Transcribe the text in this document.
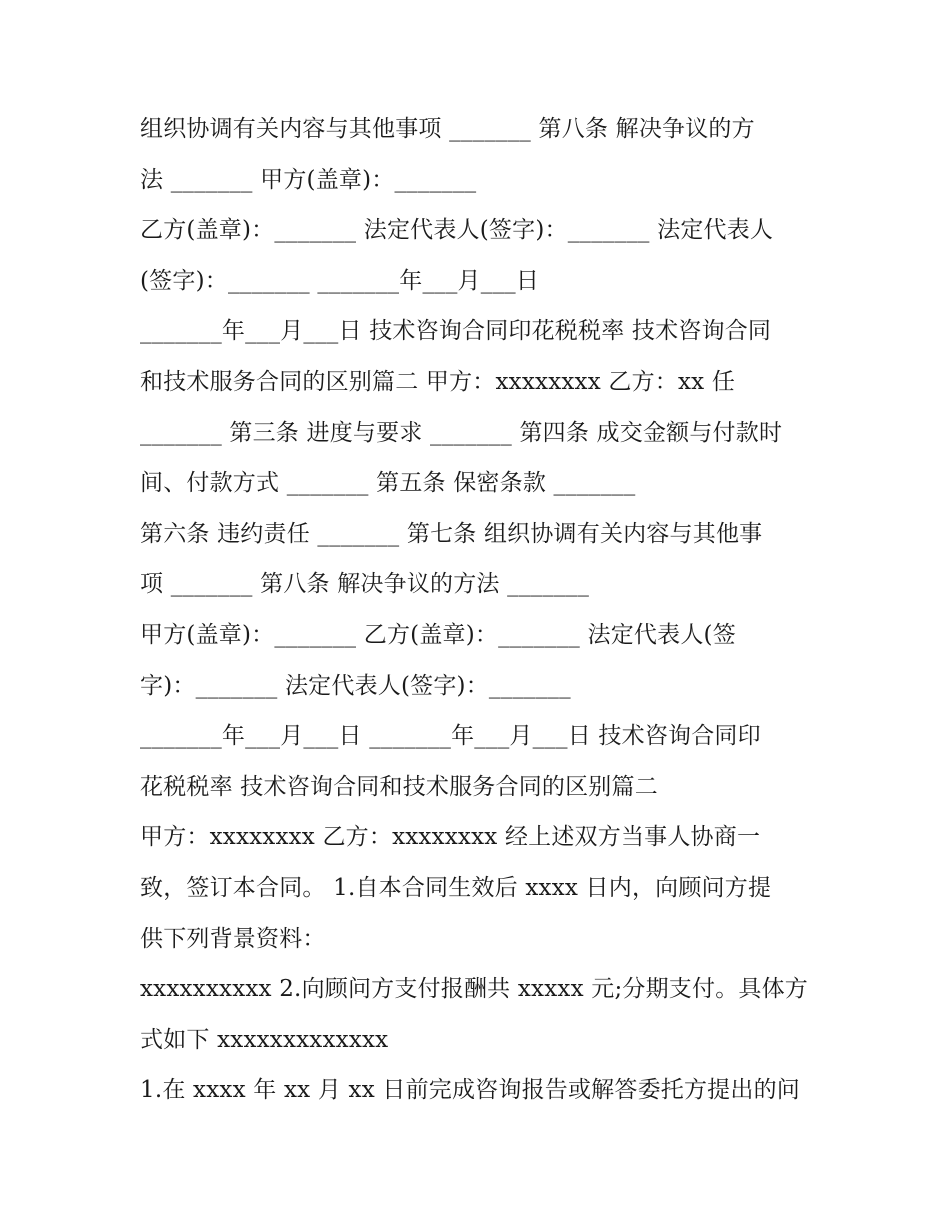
组织协调有关内容与其他事项 _______ 第八条 解决争议的方
法 _______ 甲方(盖章)：_______
乙方(盖章)：_______ 法定代表人(签字)：_______ 法定代表人
(签字)：_______ _______年___月___日
_______年___月___日 技术咨询合同印花税税率 技术咨询合同
和技术服务合同的区别篇二 甲方：xxxxxxxx 乙方：xx 任
_______ 第三条 进度与要求 _______ 第四条 成交金额与付款时
间、付款方式 _______ 第五条 保密条款 _______
第六条 违约责任 _______ 第七条 组织协调有关内容与其他事
项 _______ 第八条 解决争议的方法 _______
甲方(盖章)：_______ 乙方(盖章)：_______ 法定代表人(签
字)：_______ 法定代表人(签字)：_______
_______年___月___日 _______年___月___日 技术咨询合同印
花税税率 技术咨询合同和技术服务合同的区别篇二
甲方：xxxxxxxx 乙方：xxxxxxxx 经上述双方当事人协商一
致，签订本合同。 1.自本合同生效后 xxxx 日内，向顾问方提
供下列背景资料：
xxxxxxxxxx 2.向顾问方支付报酬共 xxxxx 元;分期支付。具体方
式如下 xxxxxxxxxxxxx
1.在 xxxx 年 xx 月 xx 日前完成咨询报告或解答委托方提出的问
